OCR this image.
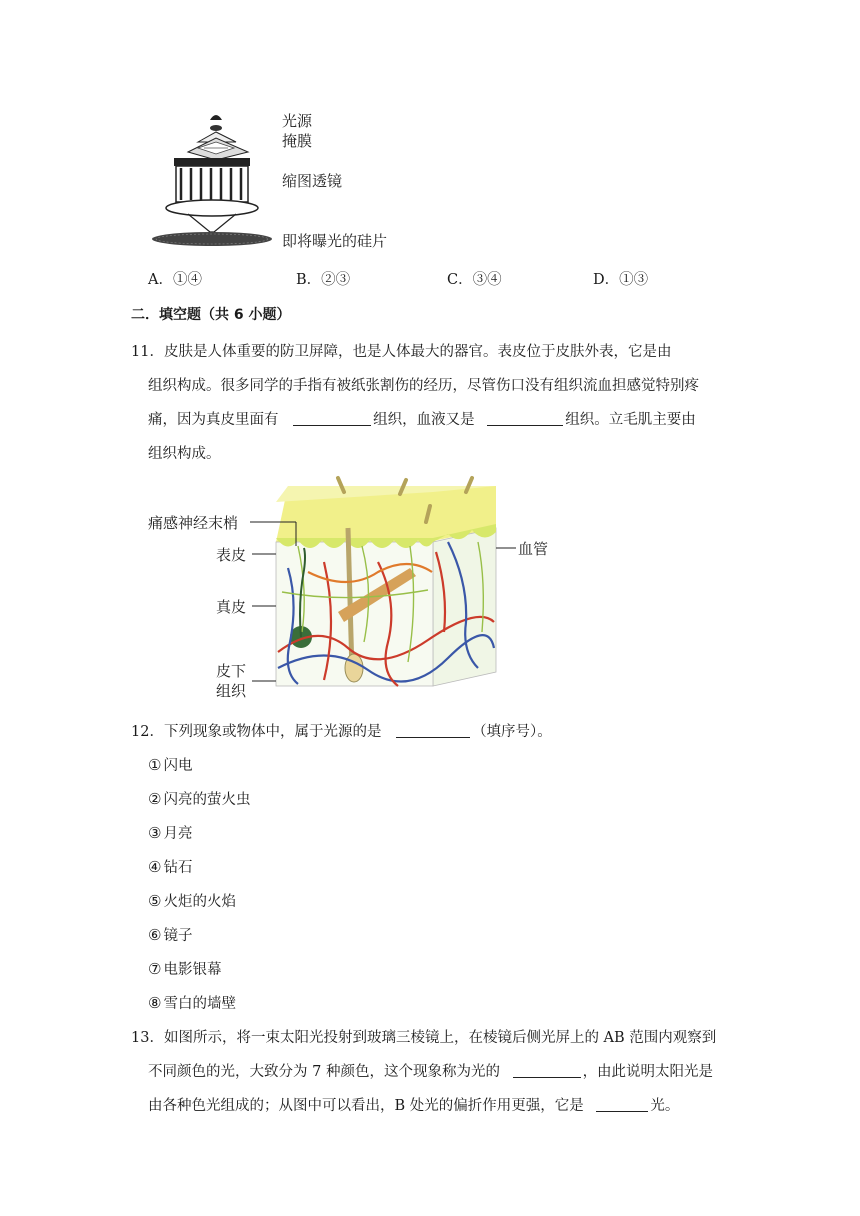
光源
掩膜
缩图透镜
即将曝光的硅片
A．①④	B．②③	C．③④	D．①③
二．填空题（共 6 小题）
11．皮肤是人体重要的防卫屏障，也是人体最大的器官。表皮位于皮肤外表，它是由
组织构成。很多同学的手指有被纸张割伤的经历，尽管伤口没有组织流血担感觉特别疼
痛，因为真皮里面有	组织，血液又是	组织。立毛肌主要由
组织构成。
痛感神经末梢
表皮
真皮
皮下
组织
血管
12．下列现象或物体中，属于光源的是	（填序号）。
① 闪电
② 闪亮的萤火虫
③ 月亮
④ 钻石
⑤ 火炬的火焰
⑥ 镜子
⑦ 电影银幕
⑧ 雪白的墙壁
13．如图所示，将一束太阳光投射到玻璃三棱镜上，在棱镜后侧光屏上的 AB 范围内观察到
不同颜色的光，大致分为 7 种颜色，这个现象称为光的	，由此说明太阳光是
由各种色光组成的；从图中可以看出，B 处光的偏折作用更强，它是	光。
